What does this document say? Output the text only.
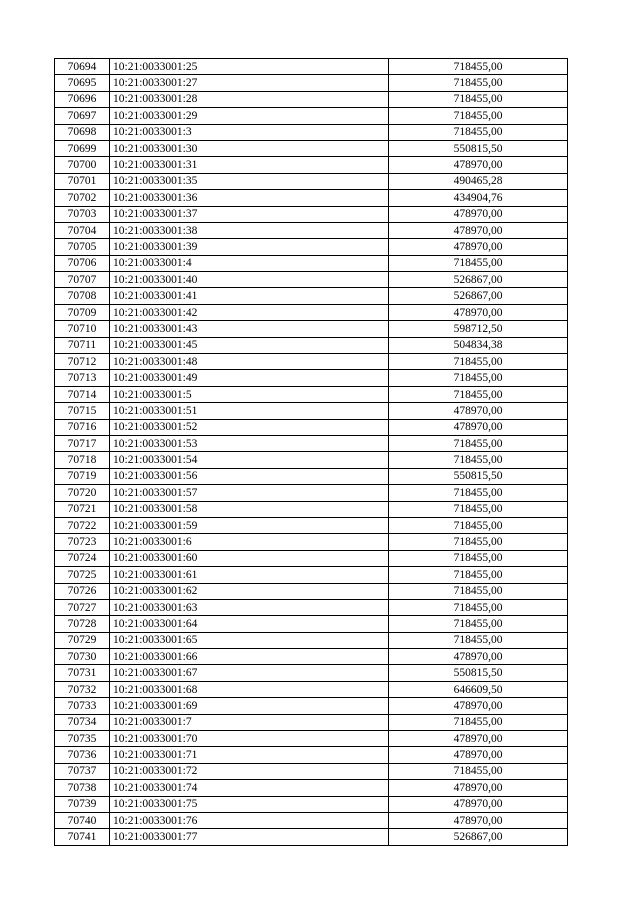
70694	10:21:0033001:25	718455,00
70695	10:21:0033001:27	718455,00
70696	10:21:0033001:28	718455,00
70697	10:21:0033001:29	718455,00
70698	10:21:0033001:3	718455,00
70699	10:21:0033001:30	550815,50
70700	10:21:0033001:31	478970,00
70701	10:21:0033001:35	490465,28
70702	10:21:0033001:36	434904,76
70703	10:21:0033001:37	478970,00
70704	10:21:0033001:38	478970,00
70705	10:21:0033001:39	478970,00
70706	10:21:0033001:4	718455,00
70707	10:21:0033001:40	526867,00
70708	10:21:0033001:41	526867,00
70709	10:21:0033001:42	478970,00
70710	10:21:0033001:43	598712,50
70711	10:21:0033001:45	504834,38
70712	10:21:0033001:48	718455,00
70713	10:21:0033001:49	718455,00
70714	10:21:0033001:5	718455,00
70715	10:21:0033001:51	478970,00
70716	10:21:0033001:52	478970,00
70717	10:21:0033001:53	718455,00
70718	10:21:0033001:54	718455,00
70719	10:21:0033001:56	550815,50
70720	10:21:0033001:57	718455,00
70721	10:21:0033001:58	718455,00
70722	10:21:0033001:59	718455,00
70723	10:21:0033001:6	718455,00
70724	10:21:0033001:60	718455,00
70725	10:21:0033001:61	718455,00
70726	10:21:0033001:62	718455,00
70727	10:21:0033001:63	718455,00
70728	10:21:0033001:64	718455,00
70729	10:21:0033001:65	718455,00
70730	10:21:0033001:66	478970,00
70731	10:21:0033001:67	550815,50
70732	10:21:0033001:68	646609,50
70733	10:21:0033001:69	478970,00
70734	10:21:0033001:7	718455,00
70735	10:21:0033001:70	478970,00
70736	10:21:0033001:71	478970,00
70737	10:21:0033001:72	718455,00
70738	10:21:0033001:74	478970,00
70739	10:21:0033001:75	478970,00
70740	10:21:0033001:76	478970,00
70741	10:21:0033001:77	526867,00
